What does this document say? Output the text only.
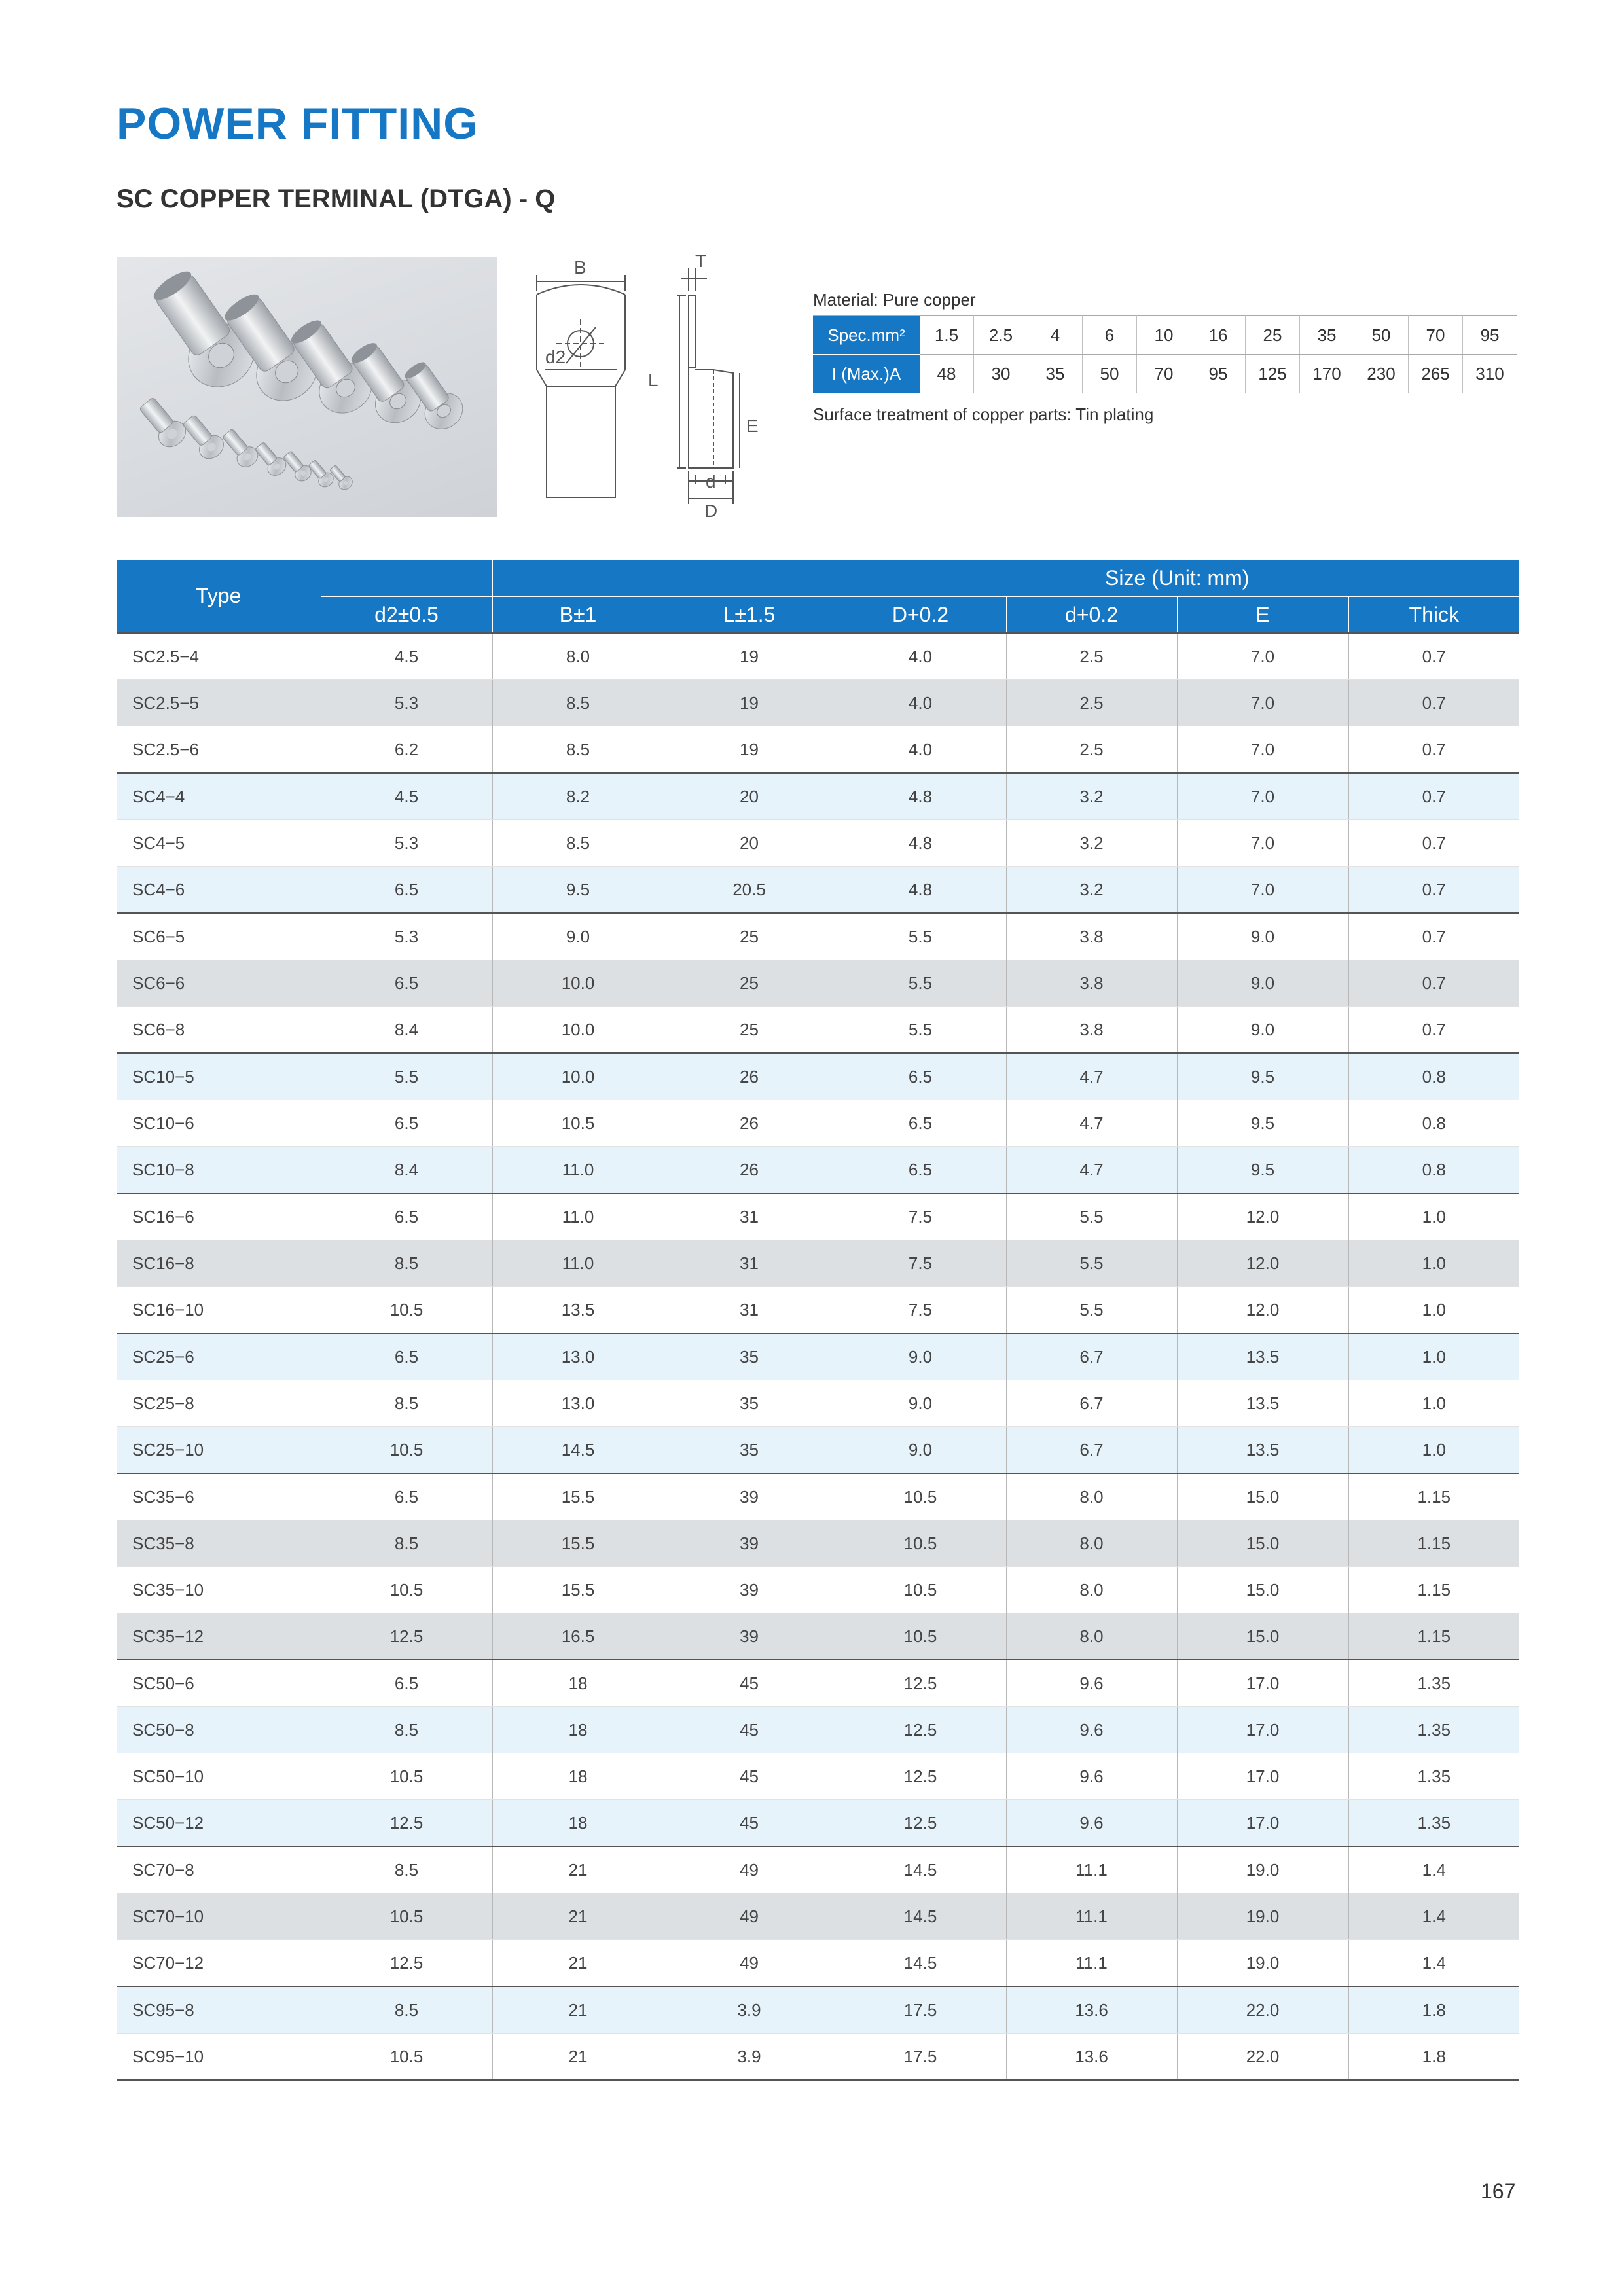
POWER FITTING
SC COPPER TERMINAL (DTGA) - Q
B
d2
T
L
E
d
D
Material: Pure copper
Spec.mm²	1.5	2.5	4	6	10	16	25	35	50	70	95
I (Max.)A	48	30	35	50	70	95	125	170	230	265	310
Surface treatment of copper parts: Tin plating
Type				Size (Unit: mm)			
	d2±0.5	B±1	L±1.5	D+0.2	d+0.2	E	Thick
SC2.5−4	4.5	8.0	19	4.0	2.5	7.0	0.7
SC2.5−5	5.3	8.5	19	4.0	2.5	7.0	0.7
SC2.5−6	6.2	8.5	19	4.0	2.5	7.0	0.7
SC4−4	4.5	8.2	20	4.8	3.2	7.0	0.7
SC4−5	5.3	8.5	20	4.8	3.2	7.0	0.7
SC4−6	6.5	9.5	20.5	4.8	3.2	7.0	0.7
SC6−5	5.3	9.0	25	5.5	3.8	9.0	0.7
SC6−6	6.5	10.0	25	5.5	3.8	9.0	0.7
SC6−8	8.4	10.0	25	5.5	3.8	9.0	0.7
SC10−5	5.5	10.0	26	6.5	4.7	9.5	0.8
SC10−6	6.5	10.5	26	6.5	4.7	9.5	0.8
SC10−8	8.4	11.0	26	6.5	4.7	9.5	0.8
SC16−6	6.5	11.0	31	7.5	5.5	12.0	1.0
SC16−8	8.5	11.0	31	7.5	5.5	12.0	1.0
SC16−10	10.5	13.5	31	7.5	5.5	12.0	1.0
SC25−6	6.5	13.0	35	9.0	6.7	13.5	1.0
SC25−8	8.5	13.0	35	9.0	6.7	13.5	1.0
SC25−10	10.5	14.5	35	9.0	6.7	13.5	1.0
SC35−6	6.5	15.5	39	10.5	8.0	15.0	1.15
SC35−8	8.5	15.5	39	10.5	8.0	15.0	1.15
SC35−10	10.5	15.5	39	10.5	8.0	15.0	1.15
SC35−12	12.5	16.5	39	10.5	8.0	15.0	1.15
SC50−6	6.5	18	45	12.5	9.6	17.0	1.35
SC50−8	8.5	18	45	12.5	9.6	17.0	1.35
SC50−10	10.5	18	45	12.5	9.6	17.0	1.35
SC50−12	12.5	18	45	12.5	9.6	17.0	1.35
SC70−8	8.5	21	49	14.5	11.1	19.0	1.4
SC70−10	10.5	21	49	14.5	11.1	19.0	1.4
SC70−12	12.5	21	49	14.5	11.1	19.0	1.4
SC95−8	8.5	21	3.9	17.5	13.6	22.0	1.8
SC95−10	10.5	21	3.9	17.5	13.6	22.0	1.8
167
